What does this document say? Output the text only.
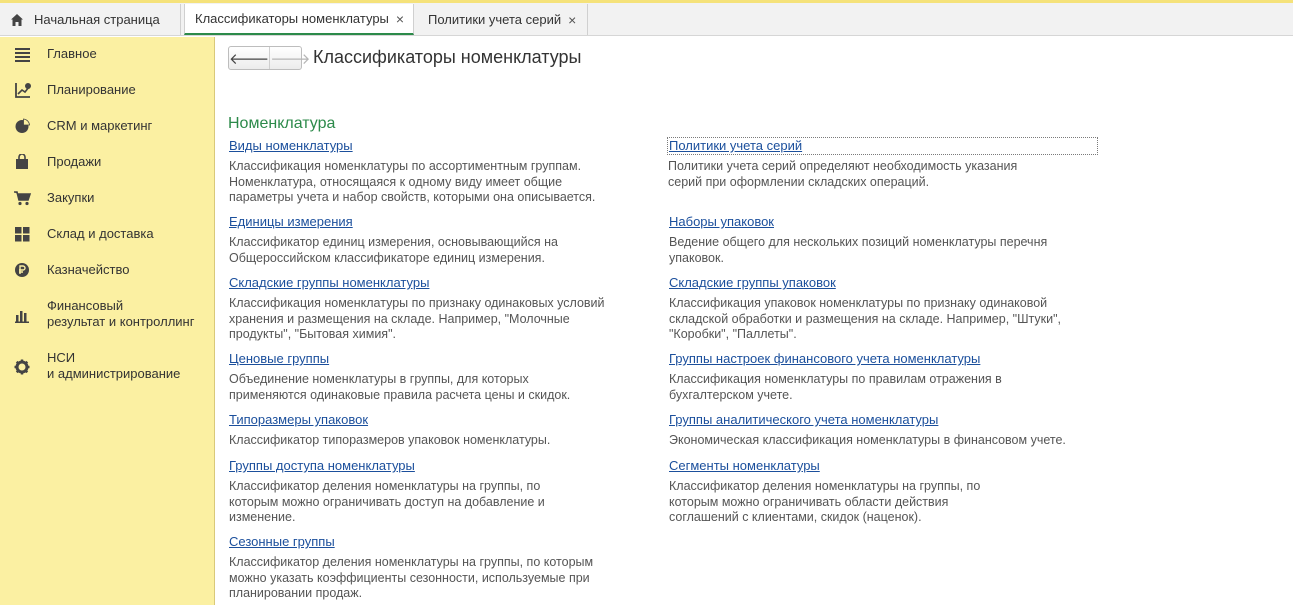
Начальная страница	Классификаторы номенклатуры × Политики учета серий ×
Главное
Планирование
CRM и маркетинг
Продажи
Закупки
Склад и доставка
Казначейство
Финансовый
результат и контроллинг
НСИ
и администрирование
🡐 🡒 Классификаторы номенклатуры
Номенклатура
Виды номенклатуры
Классификация номенклатуры по ассортиментным группам.
Номенклатура, относящаяся к одному виду имеет общие
параметры учета и набор свойств, которыми она описывается.
Единицы измерения
Классификатор единиц измерения, основывающийся на
Общероссийском классификаторе единиц измерения.
Складские группы номенклатуры
Классификация номенклатуры по признаку одинаковых условий
хранения и размещения на складе. Например, "Молочные
продукты", "Бытовая химия".
Ценовые группы
Объединение номенклатуры в группы, для которых
применяются одинаковые правила расчета цены и скидок.
Типоразмеры упаковок
Классификатор типоразмеров упаковок номенклатуры.
Группы доступа номенклатуры
Классификатор деления номенклатуры на группы, по
которым можно ограничивать доступ на добавление и
изменение.
Сезонные группы
Классификатор деления номенклатуры на группы, по которым
можно указать коэффициенты сезонности, используемые при
планировании продаж.
Политики учета серий
Политики учета серий определяют необходимость указания
серий при оформлении складских операций.
Наборы упаковок
Ведение общего для нескольких позиций номенклатуры перечня
упаковок.
Складские группы упаковок
Классификация упаковок номенклатуры по признаку одинаковой
складской обработки и размещения на складе. Например, "Штуки",
"Коробки", "Паллеты".
Группы настроек финансового учета номенклатуры
Классификация номенклатуры по правилам отражения в
бухгалтерском учете.
Группы аналитического учета номенклатуры
Экономическая классификация номенклатуры в финансовом учете.
Сегменты номенклатуры
Классификатор деления номенклатуры на группы, по
которым можно ограничивать области действия
соглашений с клиентами, скидок (наценок).
